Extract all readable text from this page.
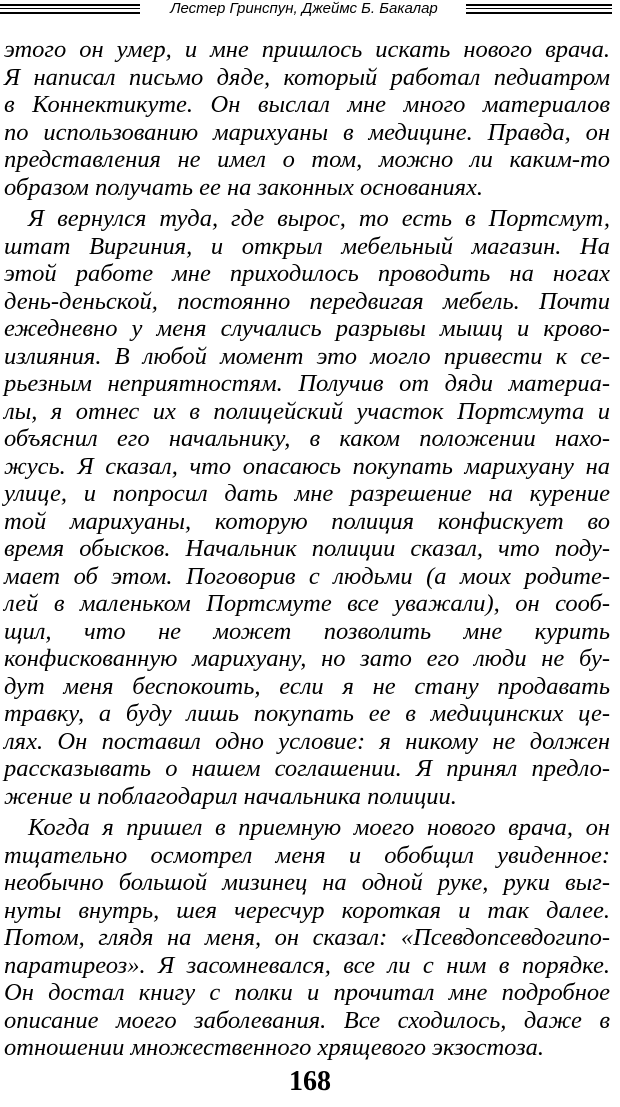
Лестер Гринспун, Джеймс Б. Бакалар
этого он умер, и мне пришлось искать нового врача.
Я написал письмо дяде, который работал педиатром
в Коннектикуте. Он выслал мне много материалов
по использованию марихуаны в медицине. Правда, он
представления не имел о том, можно ли каким-то
образом получать ее на законных основаниях.
Я вернулся туда, где вырос, то есть в Портсмут,
штат Виргиния, и открыл мебельный магазин. На
этой работе мне приходилось проводить на ногах
день-деньской, постоянно передвигая мебель. Почти
ежедневно у меня случались разрывы мышц и крово-
излияния. В любой момент это могло привести к се-
рьезным неприятностям. Получив от дяди материа-
лы, я отнес их в полицейский участок Портсмута и
объяснил его начальнику, в каком положении нахо-
жусь. Я сказал, что опасаюсь покупать марихуану на
улице, и попросил дать мне разрешение на курение
той марихуаны, которую полиция конфискует во
время обысков. Начальник полиции сказал, что поду-
мает об этом. Поговорив с людьми (а моих родите-
лей в маленьком Портсмуте все уважали), он сооб-
щил, что не может позволить мне курить
конфискованную марихуану, но зато его люди не бу-
дут меня беспокоить, если я не стану продавать
травку, а буду лишь покупать ее в медицинских це-
лях. Он поставил одно условие: я никому не должен
рассказывать о нашем соглашении. Я принял предло-
жение и поблагодарил начальника полиции.
Когда я пришел в приемную моего нового врача, он
тщательно осмотрел меня и обобщил увиденное:
необычно большой мизинец на одной руке, руки выг-
нуты внутрь, шея чересчур короткая и так далее.
Потом, глядя на меня, он сказал: «Псевдопсевдогипо-
паратиреоз». Я засомневался, все ли с ним в порядке.
Он достал книгу с полки и прочитал мне подробное
описание моего заболевания. Все сходилось, даже в
отношении множественного хрящевого экзостоза.
168
